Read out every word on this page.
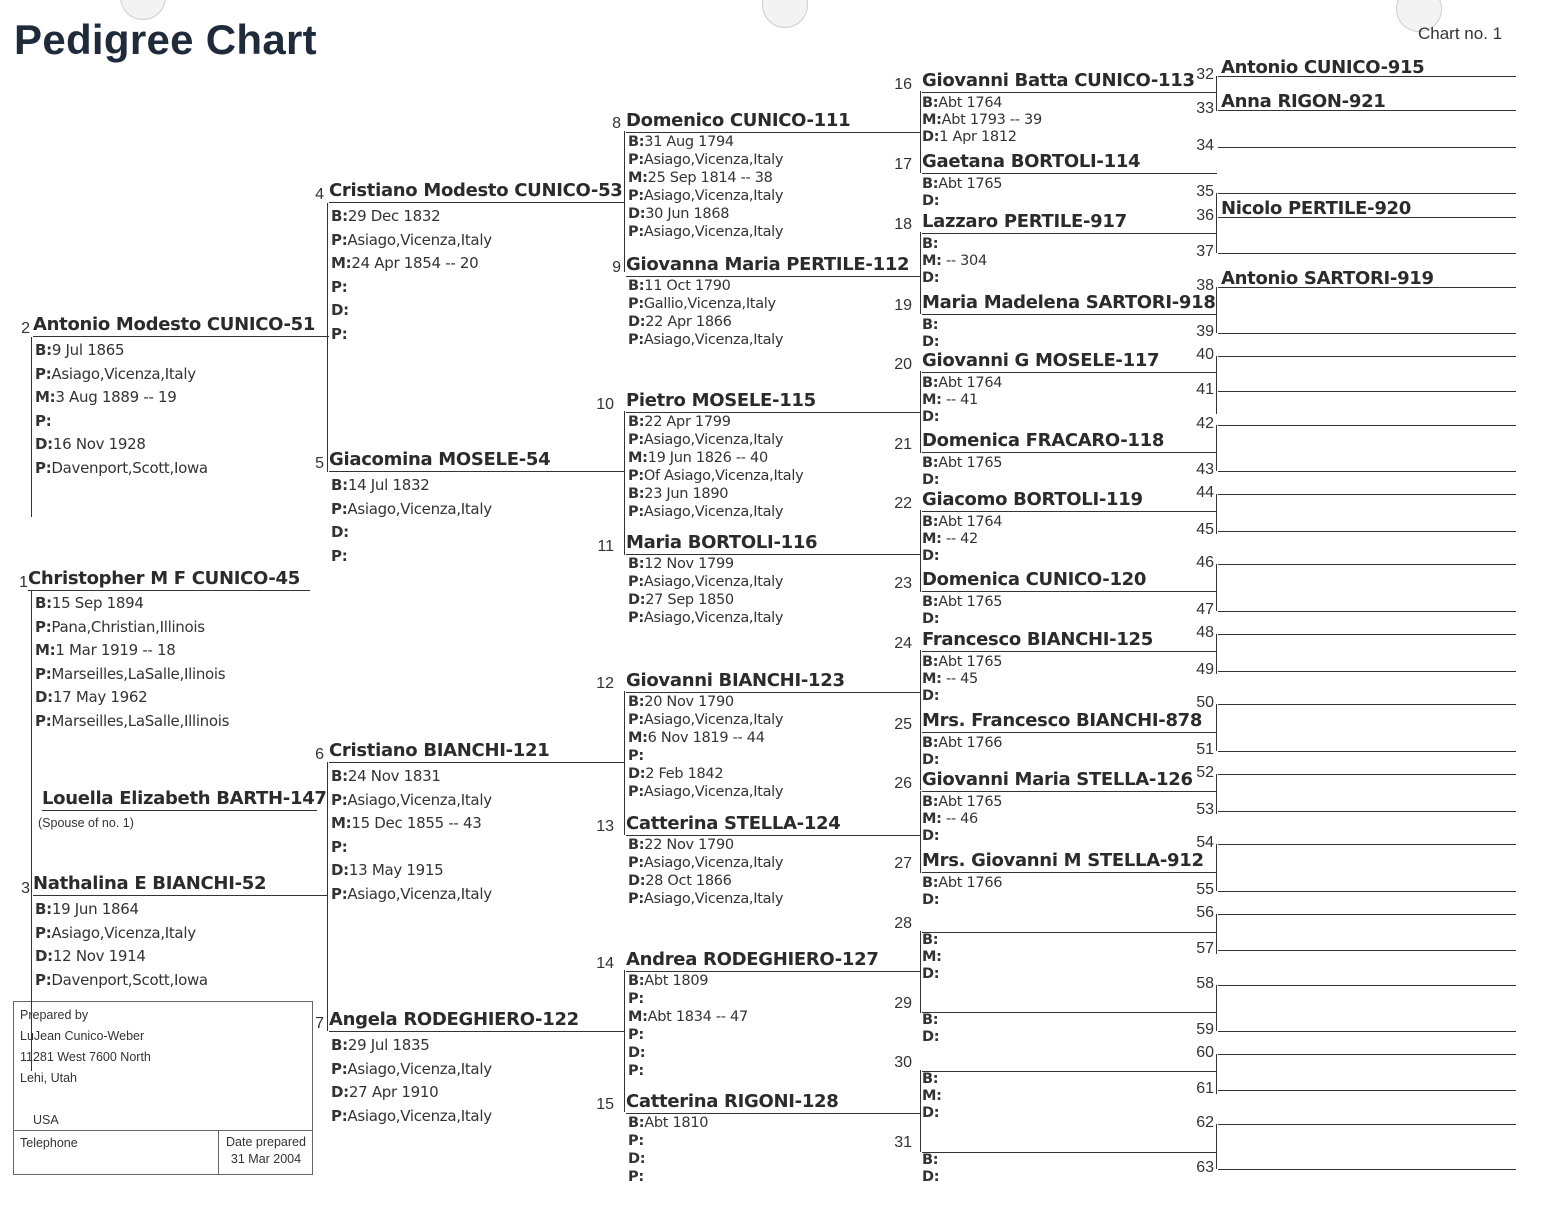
Pedigree Chart	Chart no. 1
(Spouse of no. 1)
Prepared by
LuJean Cunico-Weber
11281 West 7600 North
Lehi, Utah
USA
Telephone	Date prepared
31 Mar 2004
1 Christopher M F CUNICO-45
B:15 Sep 1894
P:Pana,Christian,Illinois
M:1 Mar 1919 -- 18
P:Marseilles,LaSalle,Ilinois
D:17 May 1962
P:Marseilles,LaSalle,Illinois
Louella Elizabeth BARTH-147
2 Antonio Modesto CUNICO-51
B:9 Jul 1865
P:Asiago,Vicenza,Italy
M:3 Aug 1889 -- 19
P:
D:16 Nov 1928
P:Davenport,Scott,Iowa
3 Nathalina E BIANCHI-52
B:19 Jun 1864
P:Asiago,Vicenza,Italy
D:12 Nov 1914
P:Davenport,Scott,Iowa
4 Cristiano Modesto CUNICO-53
B:29 Dec 1832
P:Asiago,Vicenza,Italy
M:24 Apr 1854 -- 20
P:
D:
P:
5 Giacomina MOSELE-54
B:14 Jul 1832
P:Asiago,Vicenza,Italy
D:
P:
6 Cristiano BIANCHI-121
B:24 Nov 1831
P:Asiago,Vicenza,Italy
M:15 Dec 1855 -- 43
P:
D:13 May 1915
P:Asiago,Vicenza,Italy
7 Angela RODEGHIERO-122
B:29 Jul 1835
P:Asiago,Vicenza,Italy
D:27 Apr 1910
P:Asiago,Vicenza,Italy
8 Domenico CUNICO-111
B:31 Aug 1794
P:Asiago,Vicenza,Italy
M:25 Sep 1814 -- 38
P:Asiago,Vicenza,Italy
D:30 Jun 1868
P:Asiago,Vicenza,Italy
9 Giovanna Maria PERTILE-112
B:11 Oct 1790
P:Gallio,Vicenza,Italy
D:22 Apr 1866
P:Asiago,Vicenza,Italy
10 Pietro MOSELE-115
B:22 Apr 1799
P:Asiago,Vicenza,Italy
M:19 Jun 1826 -- 40
P:Of Asiago,Vicenza,Italy
B:23 Jun 1890
P:Asiago,Vicenza,Italy
11 Maria BORTOLI-116
B:12 Nov 1799
P:Asiago,Vicenza,Italy
D:27 Sep 1850
P:Asiago,Vicenza,Italy
12 Giovanni BIANCHI-123
B:20 Nov 1790
P:Asiago,Vicenza,Italy
M:6 Nov 1819 -- 44
P:
D:2 Feb 1842
P:Asiago,Vicenza,Italy
13 Catterina STELLA-124
B:22 Nov 1790
P:Asiago,Vicenza,Italy
D:28 Oct 1866
P:Asiago,Vicenza,Italy
14 Andrea RODEGHIERO-127
B:Abt 1809
P:
M:Abt 1834 -- 47
P:
D:
P:
15 Catterina RIGONI-128
B:Abt 1810
P:
D:
P:
16 Giovanni Batta CUNICO-113
B:Abt 1764
M:Abt 1793 -- 39
D:1 Apr 1812
17 Gaetana BORTOLI-114
B:Abt 1765
D:
18 Lazzaro PERTILE-917
B:
M: -- 304
D:
19 Maria Madelena SARTORI-918
B:
D:
20 Giovanni G MOSELE-117
B:Abt 1764
M: -- 41
D:
21 Domenica FRACARO-118
B:Abt 1765
D:
22 Giacomo BORTOLI-119
B:Abt 1764
M: -- 42
D:
23 Domenica CUNICO-120
B:Abt 1765
D:
24 Francesco BIANCHI-125
B:Abt 1765
M: -- 45
D:
25 Mrs. Francesco BIANCHI-878
B:Abt 1766
D:
26 Giovanni Maria STELLA-126
B:Abt 1765
M: -- 46
D:
27 Mrs. Giovanni M STELLA-912
B:Abt 1766
D:
28
B:
M:
D:
29
B:
D:
30
B:
M:
D:
31
B:
D:
32 Antonio CUNICO-915
33 Anna RIGON-921
34
35
36 Nicolo PERTILE-920
37
38 Antonio SARTORI-919
39
40
41
42
43
44
45
46
47
48
49
50
51
52
53
54
55
56
57
58
59
60
61
62
63
